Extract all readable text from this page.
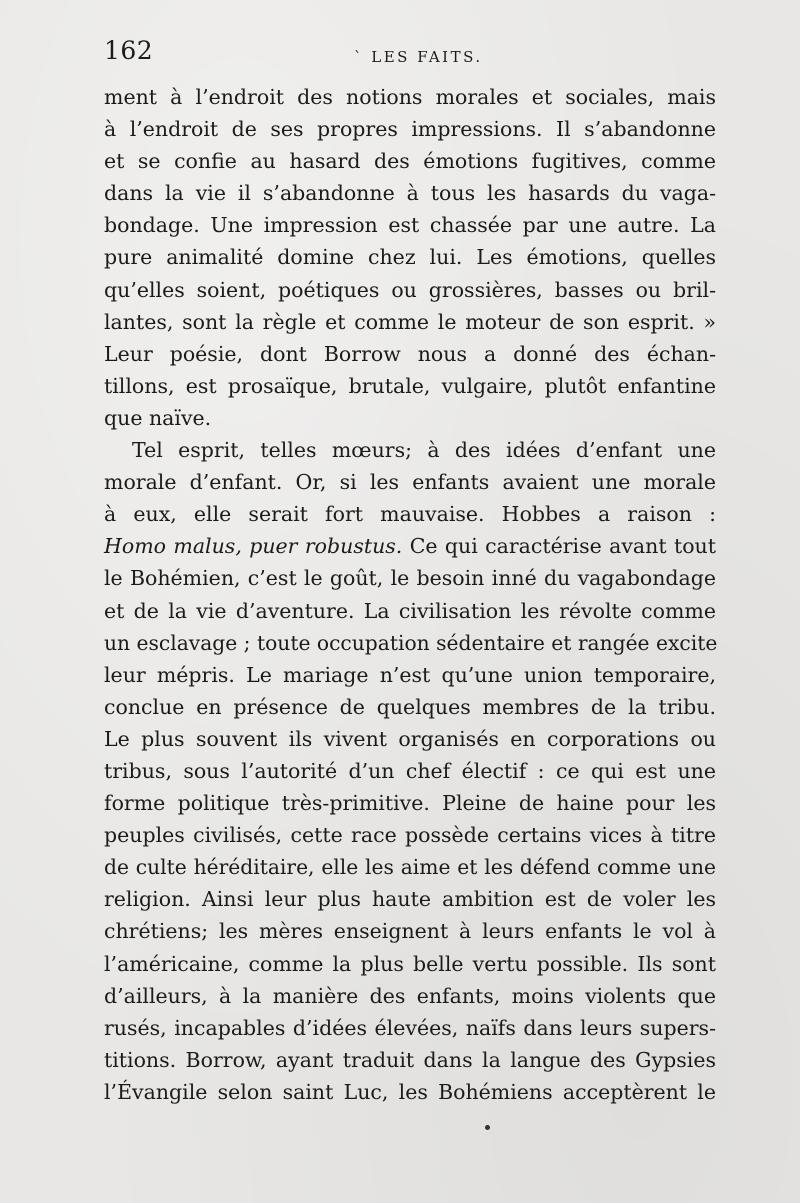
162	` LES FAITS.
ment à l’endroit des notions morales et sociales, mais
à l’endroit de ses propres impressions. Il s’abandonne
et se confie au hasard des émotions fugitives, comme
dans la vie il s’abandonne à tous les hasards du vaga-
bondage. Une impression est chassée par une autre. La
pure animalité domine chez lui. Les émotions, quelles
qu’elles soient, poétiques ou grossières, basses ou bril-
lantes, sont la règle et comme le moteur de son esprit. »
Leur poésie, dont Borrow nous a donné des échan-
tillons, est prosaïque, brutale, vulgaire, plutôt enfantine
que naïve.
Tel esprit, telles mœurs; à des idées d’enfant une
morale d’enfant. Or, si les enfants avaient une morale
à eux, elle serait fort mauvaise. Hobbes a raison :
Homo malus, puer robustus. Ce qui caractérise avant tout
le Bohémien, c’est le goût, le besoin inné du vagabondage
et de la vie d’aventure. La civilisation les révolte comme
un esclavage ; toute occupation sédentaire et rangée excite
leur mépris. Le mariage n’est qu’une union temporaire,
conclue en présence de quelques membres de la tribu.
Le plus souvent ils vivent organisés en corporations ou
tribus, sous l’autorité d’un chef électif : ce qui est une
forme politique très-primitive. Pleine de haine pour les
peuples civilisés, cette race possède certains vices à titre
de culte héréditaire, elle les aime et les défend comme une
religion. Ainsi leur plus haute ambition est de voler les
chrétiens; les mères enseignent à leurs enfants le vol à
l’américaine, comme la plus belle vertu possible. Ils sont
d’ailleurs, à la manière des enfants, moins violents que
rusés, incapables d’idées élevées, naïfs dans leurs supers-
titions. Borrow, ayant traduit dans la langue des Gypsies
l’Évangile selon saint Luc, les Bohémiens acceptèrent le
